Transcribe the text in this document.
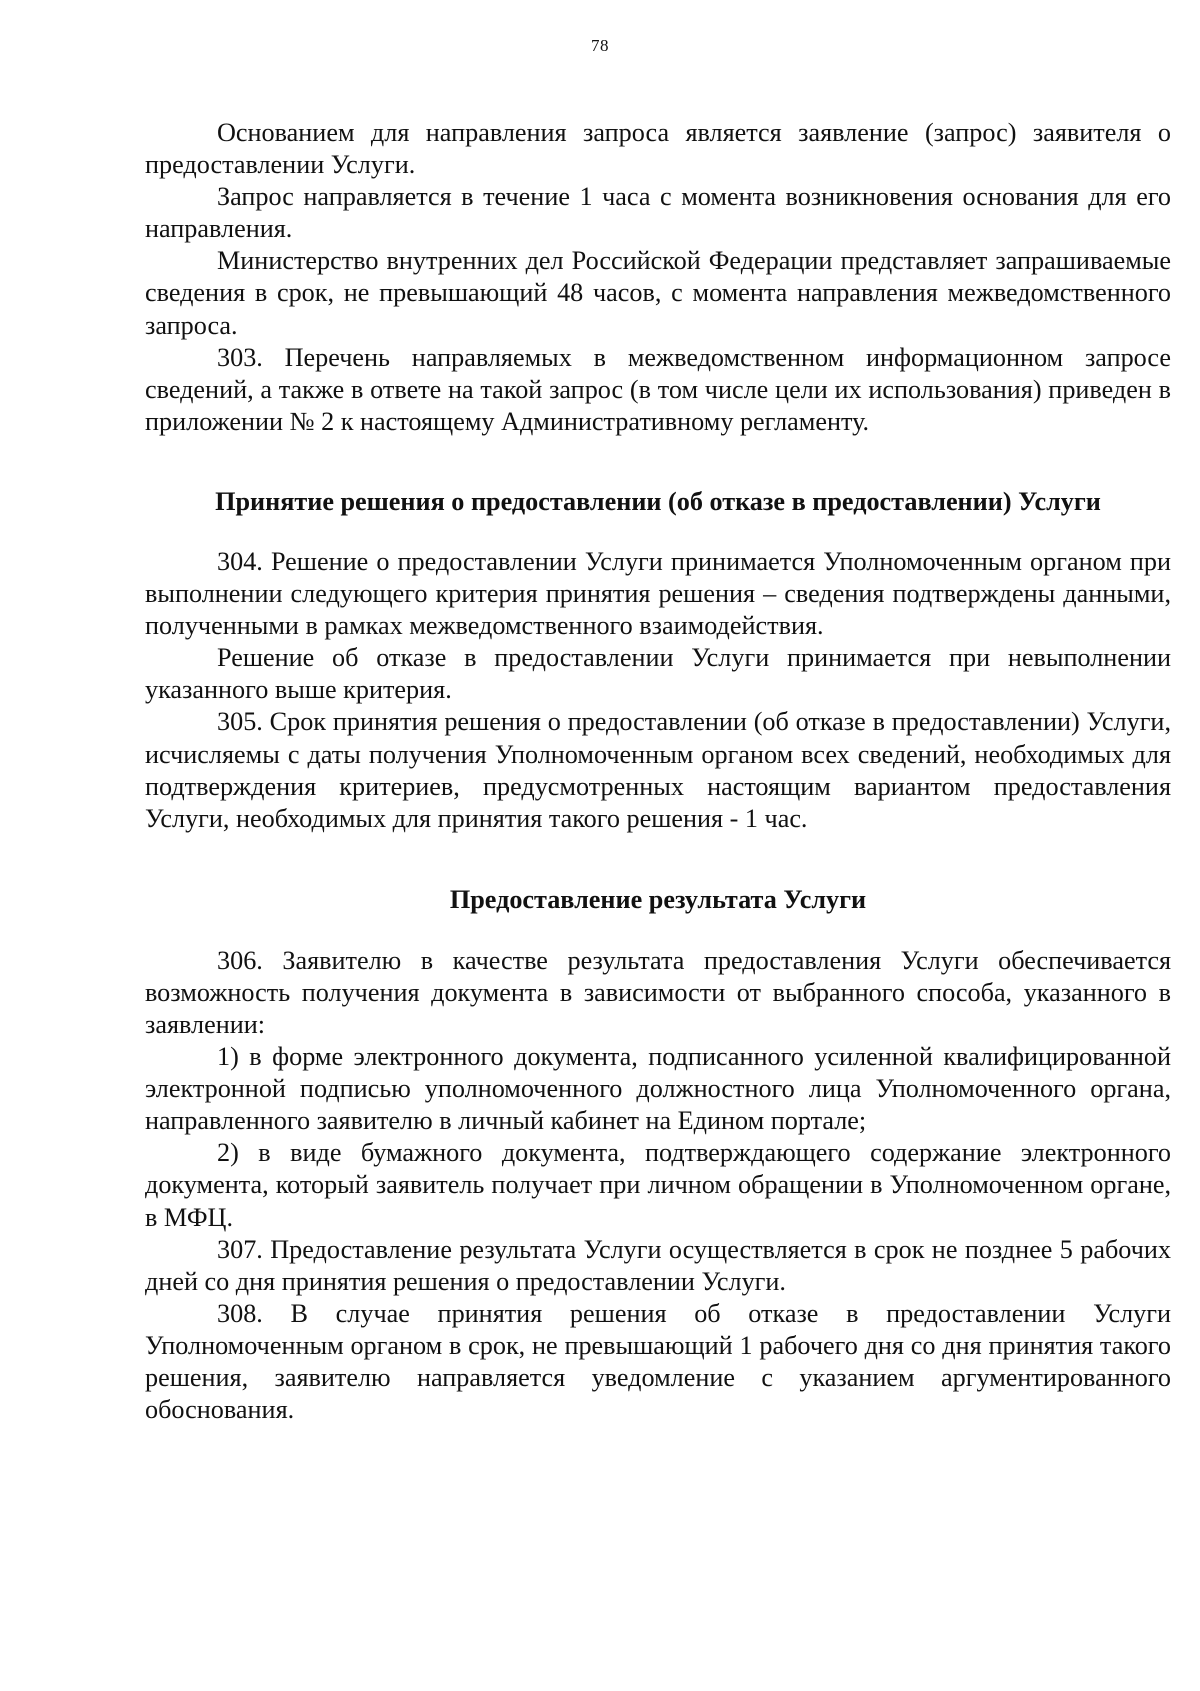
78

Основанием для направления запроса является заявление (запрос) заявителя о предоставлении Услуги.

Запрос направляется в течение 1 часа с момента возникновения основания для его направления.

Министерство внутренних дел Российской Федерации представляет запрашиваемые сведения в срок, не превышающий 48 часов, с момента направления межведомственного запроса.

303. Перечень направляемых в межведомственном информационном запросе сведений, а также в ответе на такой запрос (в том числе цели их использования) приведен в приложении № 2 к настоящему Административному регламенту.

Принятие решения о предоставлении (об отказе в предоставлении) Услуги

304. Решение о предоставлении Услуги принимается Уполномоченным органом при выполнении следующего критерия принятия решения – сведения подтверждены данными, полученными в рамках межведомственного взаимодействия.

Решение об отказе в предоставлении Услуги принимается при невыполнении указанного выше критерия.

305. Срок принятия решения о предоставлении (об отказе в предоставлении) Услуги, исчисляемы с даты получения Уполномоченным органом всех сведений, необходимых для подтверждения критериев, предусмотренных настоящим вариантом предоставления Услуги, необходимых для принятия такого решения - 1 час.

Предоставление результата Услуги

306. Заявителю в качестве результата предоставления Услуги обеспечивается возможность получения документа в зависимости от выбранного способа, указанного в заявлении:

1) в форме электронного документа, подписанного усиленной квалифицированной электронной подписью уполномоченного должностного лица Уполномоченного органа, направленного заявителю в личный кабинет на Едином портале;

2) в виде бумажного документа, подтверждающего содержание электронного документа, который заявитель получает при личном обращении в Уполномоченном органе, в МФЦ.

307. Предоставление результата Услуги осуществляется в срок не позднее 5 рабочих дней со дня принятия решения о предоставлении Услуги.

308. В случае принятия решения об отказе в предоставлении Услуги Уполномоченным органом в срок, не превышающий 1 рабочего дня со дня принятия такого решения, заявителю направляется уведомление с указанием аргументированного обоснования.
